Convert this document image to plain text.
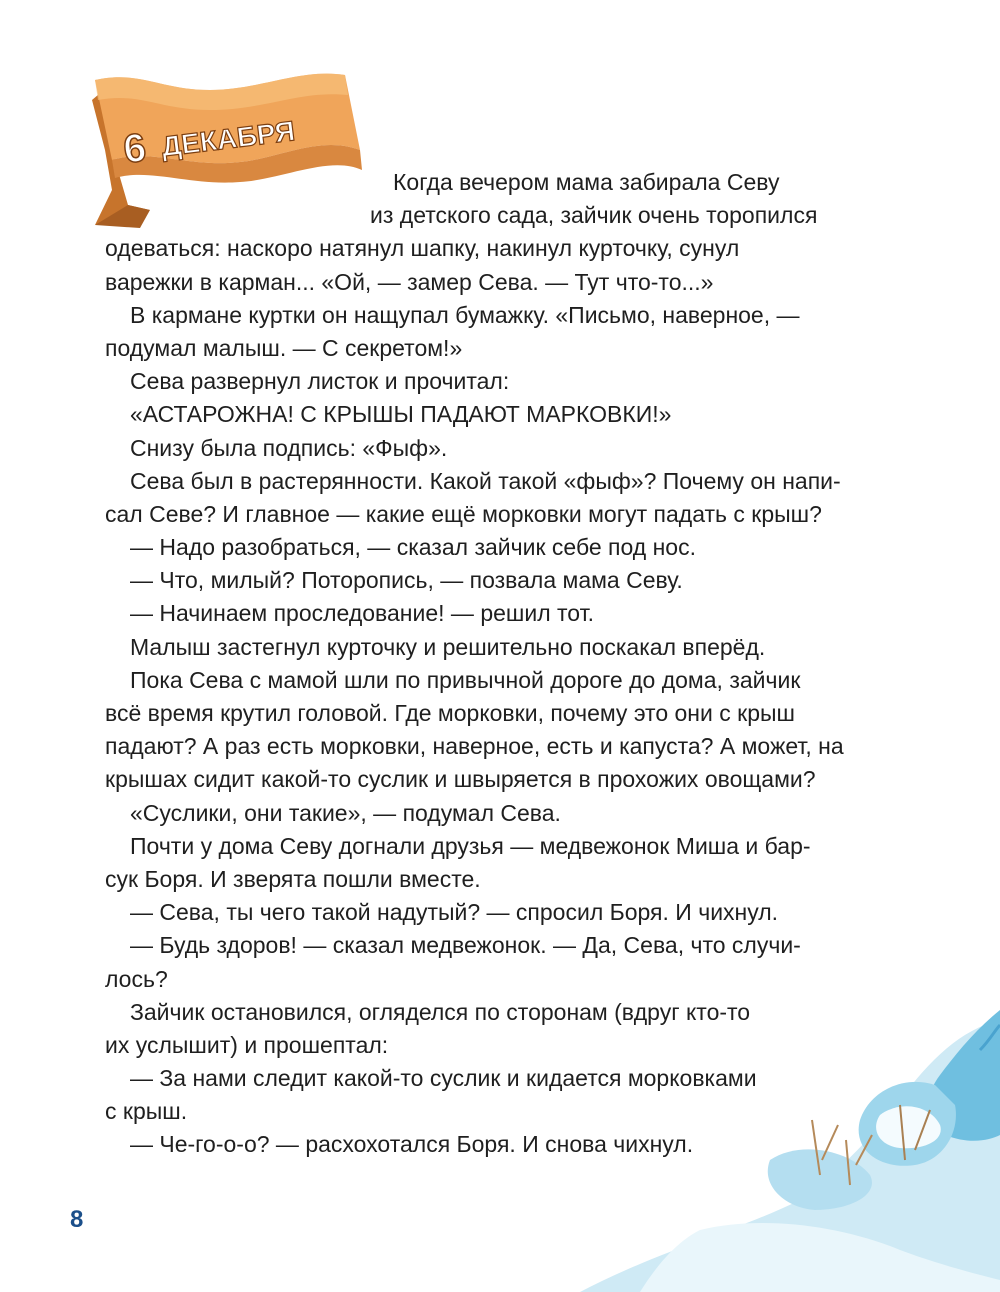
6 ДЕКАБРЯ
Когда вечером мама забирала Севу
из детского сада, зайчик очень торопился
одеваться: наскоро натянул шапку, накинул курточку, сунул
варежки в карман... «Ой, — замер Сева. — Тут что-то...»
В кармане куртки он нащупал бумажку. «Письмо, наверное, —
подумал малыш. — С секретом!»
Сева развернул листок и прочитал:
«АСТАРОЖНА! С КРЫШЫ ПАДАЮТ МАРКОВКИ!»
Снизу была подпись: «Фыф».
Сева был в растерянности. Какой такой «фыф»? Почему он напи-
сал Севе? И главное — какие ещё морковки могут падать с крыш?
— Надо разобраться, — сказал зайчик себе под нос.
— Что, милый? Поторопись, — позвала мама Севу.
— Начинаем проследование! — решил тот.
Малыш застегнул курточку и решительно поскакал вперёд.
Пока Сева с мамой шли по привычной дороге до дома, зайчик
всё время крутил головой. Где морковки, почему это они с крыш
падают? А раз есть морковки, наверное, есть и капуста? А может, на
крышах сидит какой-то суслик и швыряется в прохожих овощами?
«Суслики, они такие», — подумал Сева.
Почти у дома Севу догнали друзья — медвежонок Миша и бар-
сук Боря. И зверята пошли вместе.
— Сева, ты чего такой надутый? — спросил Боря. И чихнул.
— Будь здоров! — сказал медвежонок. — Да, Сева, что случи-
лось?
Зайчик остановился, огляделся по сторонам (вдруг кто-то
их услышит) и прошептал:
— За нами следит какой-то суслик и кидается морковками
с крыш.
— Че-го-о-о? — расхохотался Боря. И снова чихнул.
8
